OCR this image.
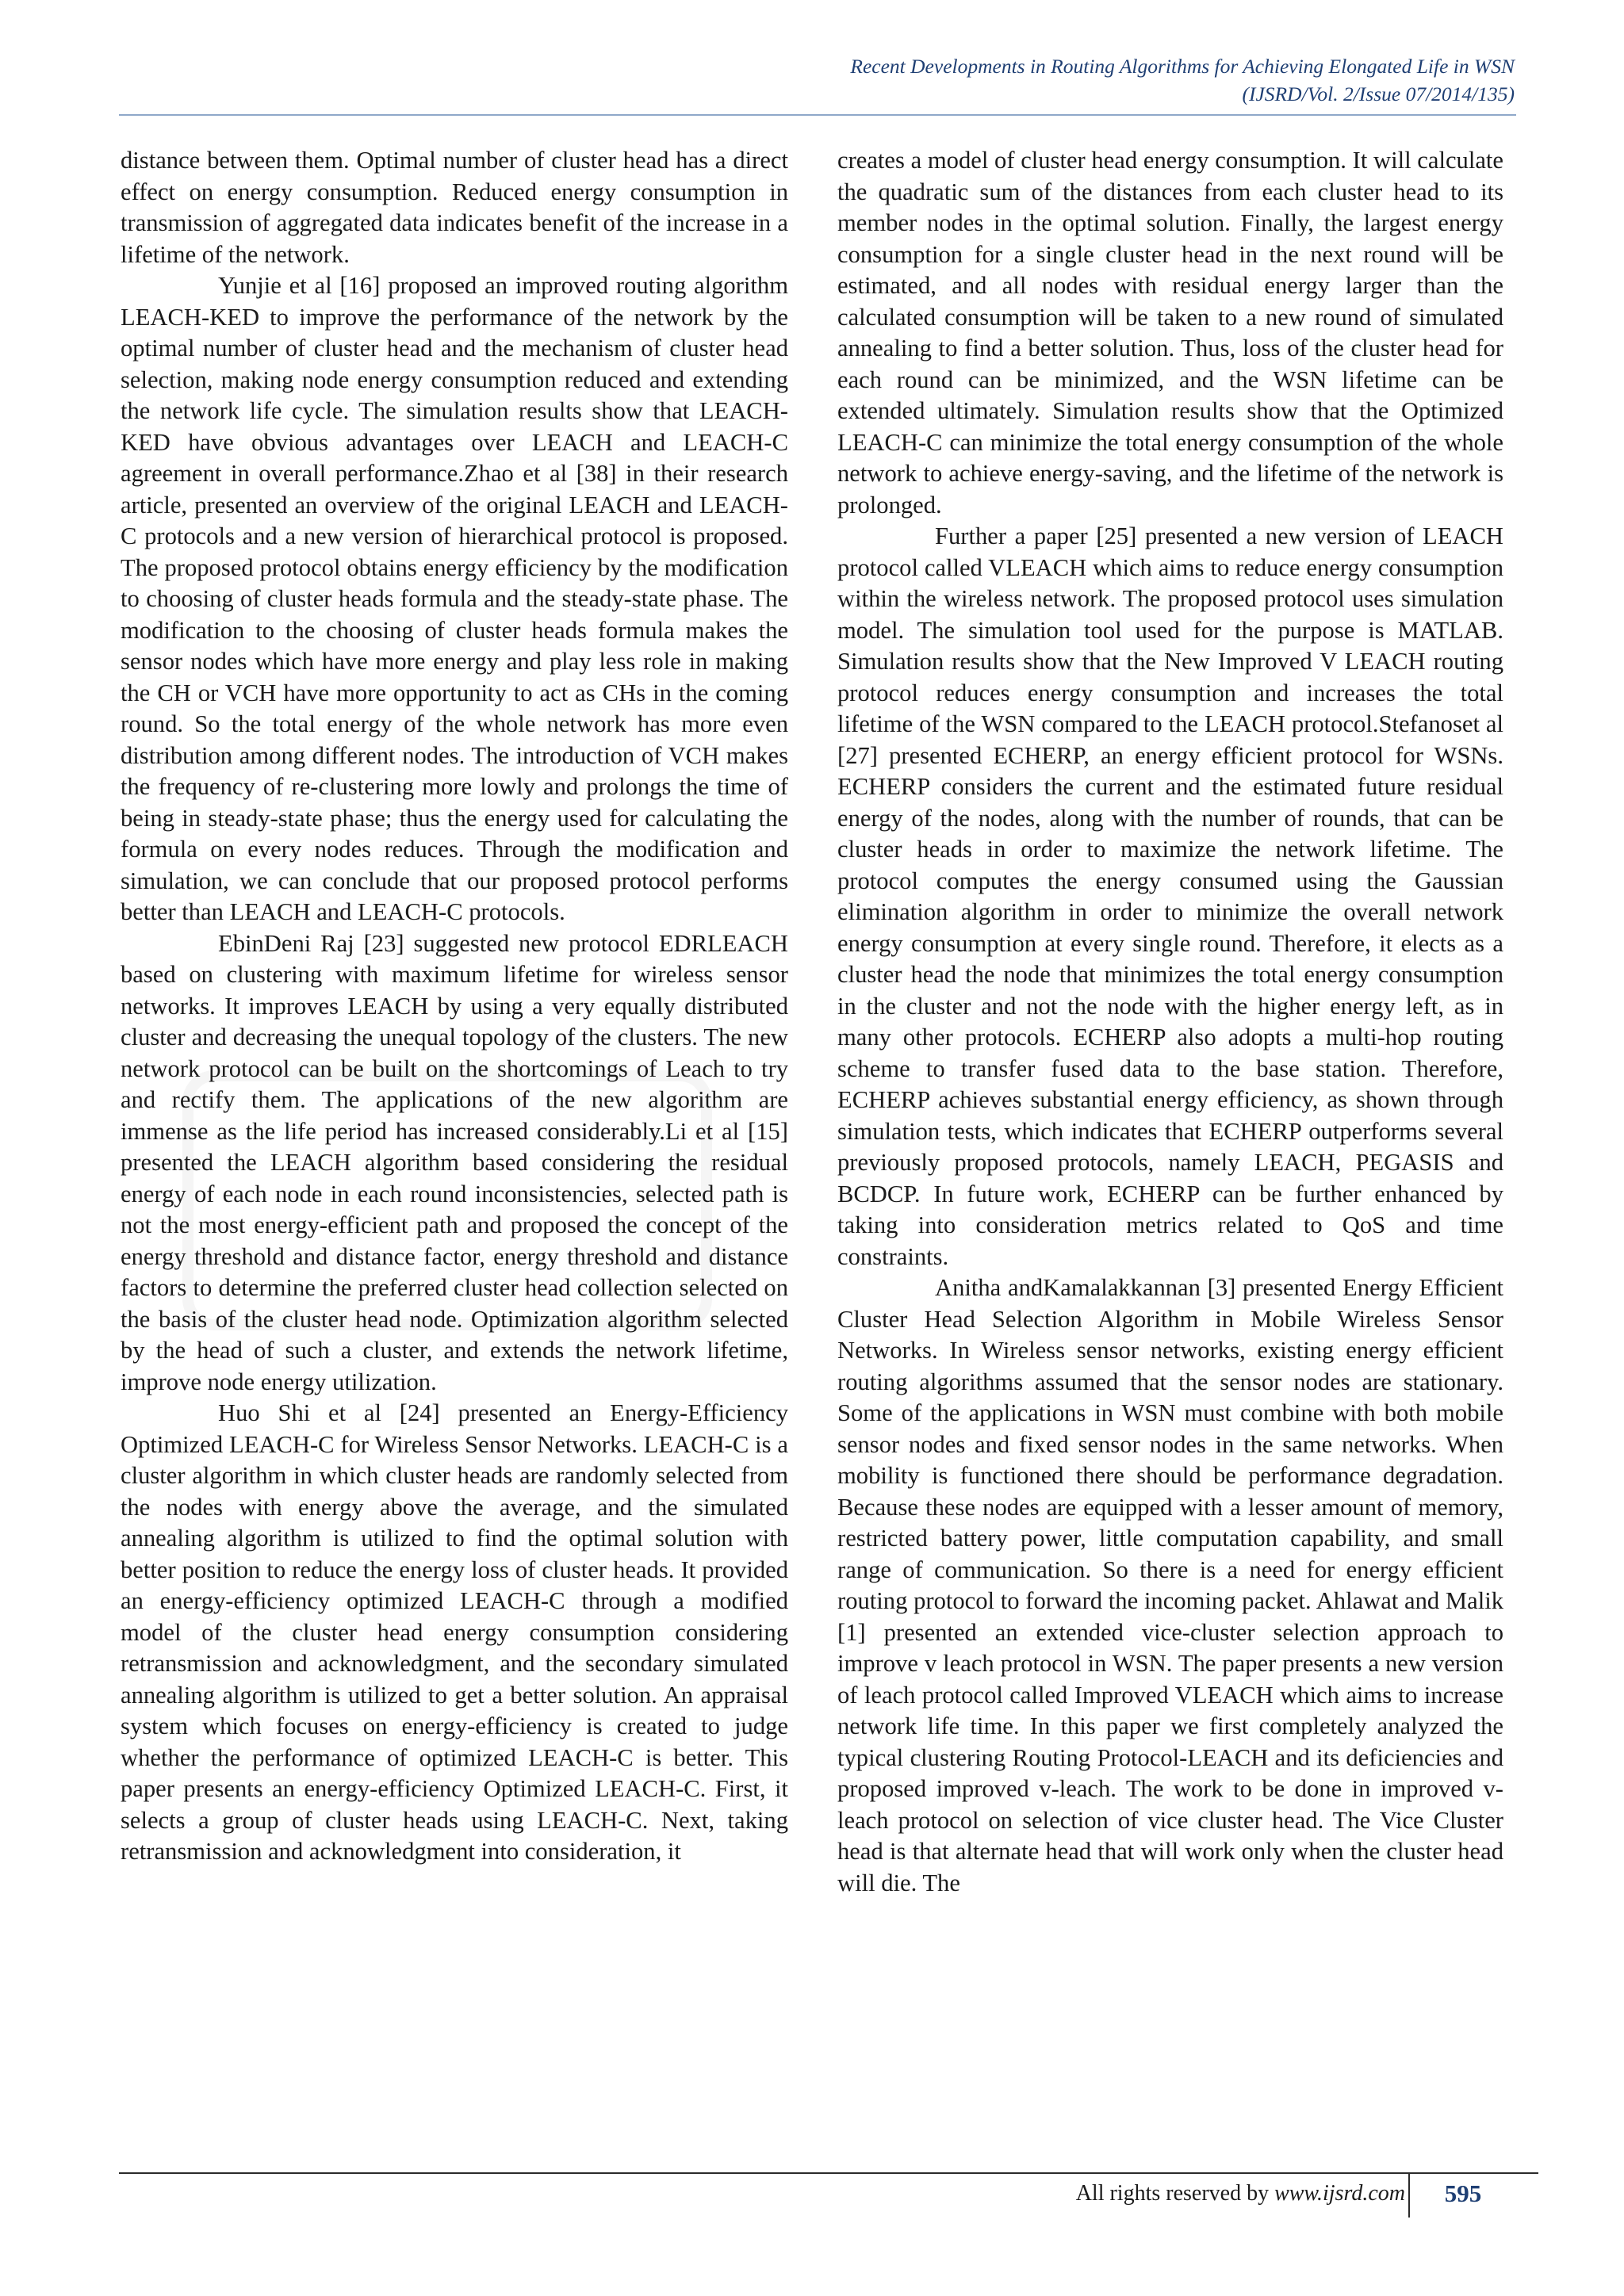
Recent Developments in Routing Algorithms for Achieving Elongated Life in WSN
(IJSRD/Vol. 2/Issue 07/2014/135)

distance between them. Optimal number of cluster head has a direct effect on energy consumption. Reduced energy consumption in transmission of aggregated data indicates benefit of the increase in a lifetime of the network.

Yunjie et al [16] proposed an improved routing algorithm LEACH-KED to improve the performance of the network by the optimal number of cluster head and the mechanism of cluster head selection, making node energy consumption reduced and extending the network life cycle. The simulation results show that LEACH-KED have obvious advantages over LEACH and LEACH-C agreement in overall performance.Zhao et al [38] in their research article, presented an overview of the original LEACH and LEACH-C protocols and a new version of hierarchical protocol is proposed. The proposed protocol obtains energy efficiency by the modification to choosing of cluster heads formula and the steady-state phase. The modification to the choosing of cluster heads formula makes the sensor nodes which have more energy and play less role in making the CH or VCH have more opportunity to act as CHs in the coming round. So the total energy of the whole network has more even distribution among different nodes. The introduction of VCH makes the frequency of re-clustering more lowly and prolongs the time of being in steady-state phase; thus the energy used for calculating the formula on every nodes reduces. Through the modification and simulation, we can conclude that our proposed protocol performs better than LEACH and LEACH-C protocols.

EbinDeni Raj [23] suggested new protocol EDRLEACH based on clustering with maximum lifetime for wireless sensor networks. It improves LEACH by using a very equally distributed cluster and decreasing the unequal topology of the clusters. The new network protocol can be built on the shortcomings of Leach to try and rectify them. The applications of the new algorithm are immense as the life period has increased considerably.Li et al [15] presented the LEACH algorithm based considering the residual energy of each node in each round inconsistencies, selected path is not the most energy-efficient path and proposed the concept of the energy threshold and distance factor, energy threshold and distance factors to determine the preferred cluster head collection selected on the basis of the cluster head node. Optimization algorithm selected by the head of such a cluster, and extends the network lifetime, improve node energy utilization.

Huo Shi et al [24] presented an Energy-Efficiency Optimized LEACH-C for Wireless Sensor Networks. LEACH-C is a cluster algorithm in which cluster heads are randomly selected from the nodes with energy above the average, and the simulated annealing algorithm is utilized to find the optimal solution with better position to reduce the energy loss of cluster heads. It provided an energy-efficiency optimized LEACH-C through a modified model of the cluster head energy consumption considering retransmission and acknowledgment, and the secondary simulated annealing algorithm is utilized to get a better solution. An appraisal system which focuses on energy-efficiency is created to judge whether the performance of optimized LEACH-C is better. This paper presents an energy-efficiency Optimized LEACH-C. First, it selects a group of cluster heads using LEACH-C. Next, taking retransmission and acknowledgment into consideration, it

creates a model of cluster head energy consumption. It will calculate the quadratic sum of the distances from each cluster head to its member nodes in the optimal solution. Finally, the largest energy consumption for a single cluster head in the next round will be estimated, and all nodes with residual energy larger than the calculated consumption will be taken to a new round of simulated annealing to find a better solution. Thus, loss of the cluster head for each round can be minimized, and the WSN lifetime can be extended ultimately. Simulation results show that the Optimized LEACH-C can minimize the total energy consumption of the whole network to achieve energy-saving, and the lifetime of the network is prolonged.

Further a paper [25] presented a new version of LEACH protocol called VLEACH which aims to reduce energy consumption within the wireless network. The proposed protocol uses simulation model. The simulation tool used for the purpose is MATLAB. Simulation results show that the New Improved V LEACH routing protocol reduces energy consumption and increases the total lifetime of the WSN compared to the LEACH protocol.Stefanoset al [27] presented ECHERP, an energy efficient protocol for WSNs. ECHERP considers the current and the estimated future residual energy of the nodes, along with the number of rounds, that can be cluster heads in order to maximize the network lifetime. The protocol computes the energy consumed using the Gaussian elimination algorithm in order to minimize the overall network energy consumption at every single round. Therefore, it elects as a cluster head the node that minimizes the total energy consumption in the cluster and not the node with the higher energy left, as in many other protocols. ECHERP also adopts a multi-hop routing scheme to transfer fused data to the base station. Therefore, ECHERP achieves substantial energy efficiency, as shown through simulation tests, which indicates that ECHERP outperforms several previously proposed protocols, namely LEACH, PEGASIS and BCDCP. In future work, ECHERP can be further enhanced by taking into consideration metrics related to QoS and time constraints.

Anitha andKamalakkannan [3] presented Energy Efficient Cluster Head Selection Algorithm in Mobile Wireless Sensor Networks. In Wireless sensor networks, existing energy efficient routing algorithms assumed that the sensor nodes are stationary. Some of the applications in WSN must combine with both mobile sensor nodes and fixed sensor nodes in the same networks. When mobility is functioned there should be performance degradation. Because these nodes are equipped with a lesser amount of memory, restricted battery power, little computation capability, and small range of communication. So there is a need for energy efficient routing protocol to forward the incoming packet. Ahlawat and Malik [1] presented an extended vice-cluster selection approach to improve v leach protocol in WSN. The paper presents a new version of leach protocol called Improved VLEACH which aims to increase network life time. In this paper we first completely analyzed the typical clustering Routing Protocol-LEACH and its deficiencies and proposed improved v-leach. The work to be done in improved v-leach protocol on selection of vice cluster head. The Vice Cluster head is that alternate head that will work only when the cluster head will die. The

All rights reserved by www.ijsrd.com	595
